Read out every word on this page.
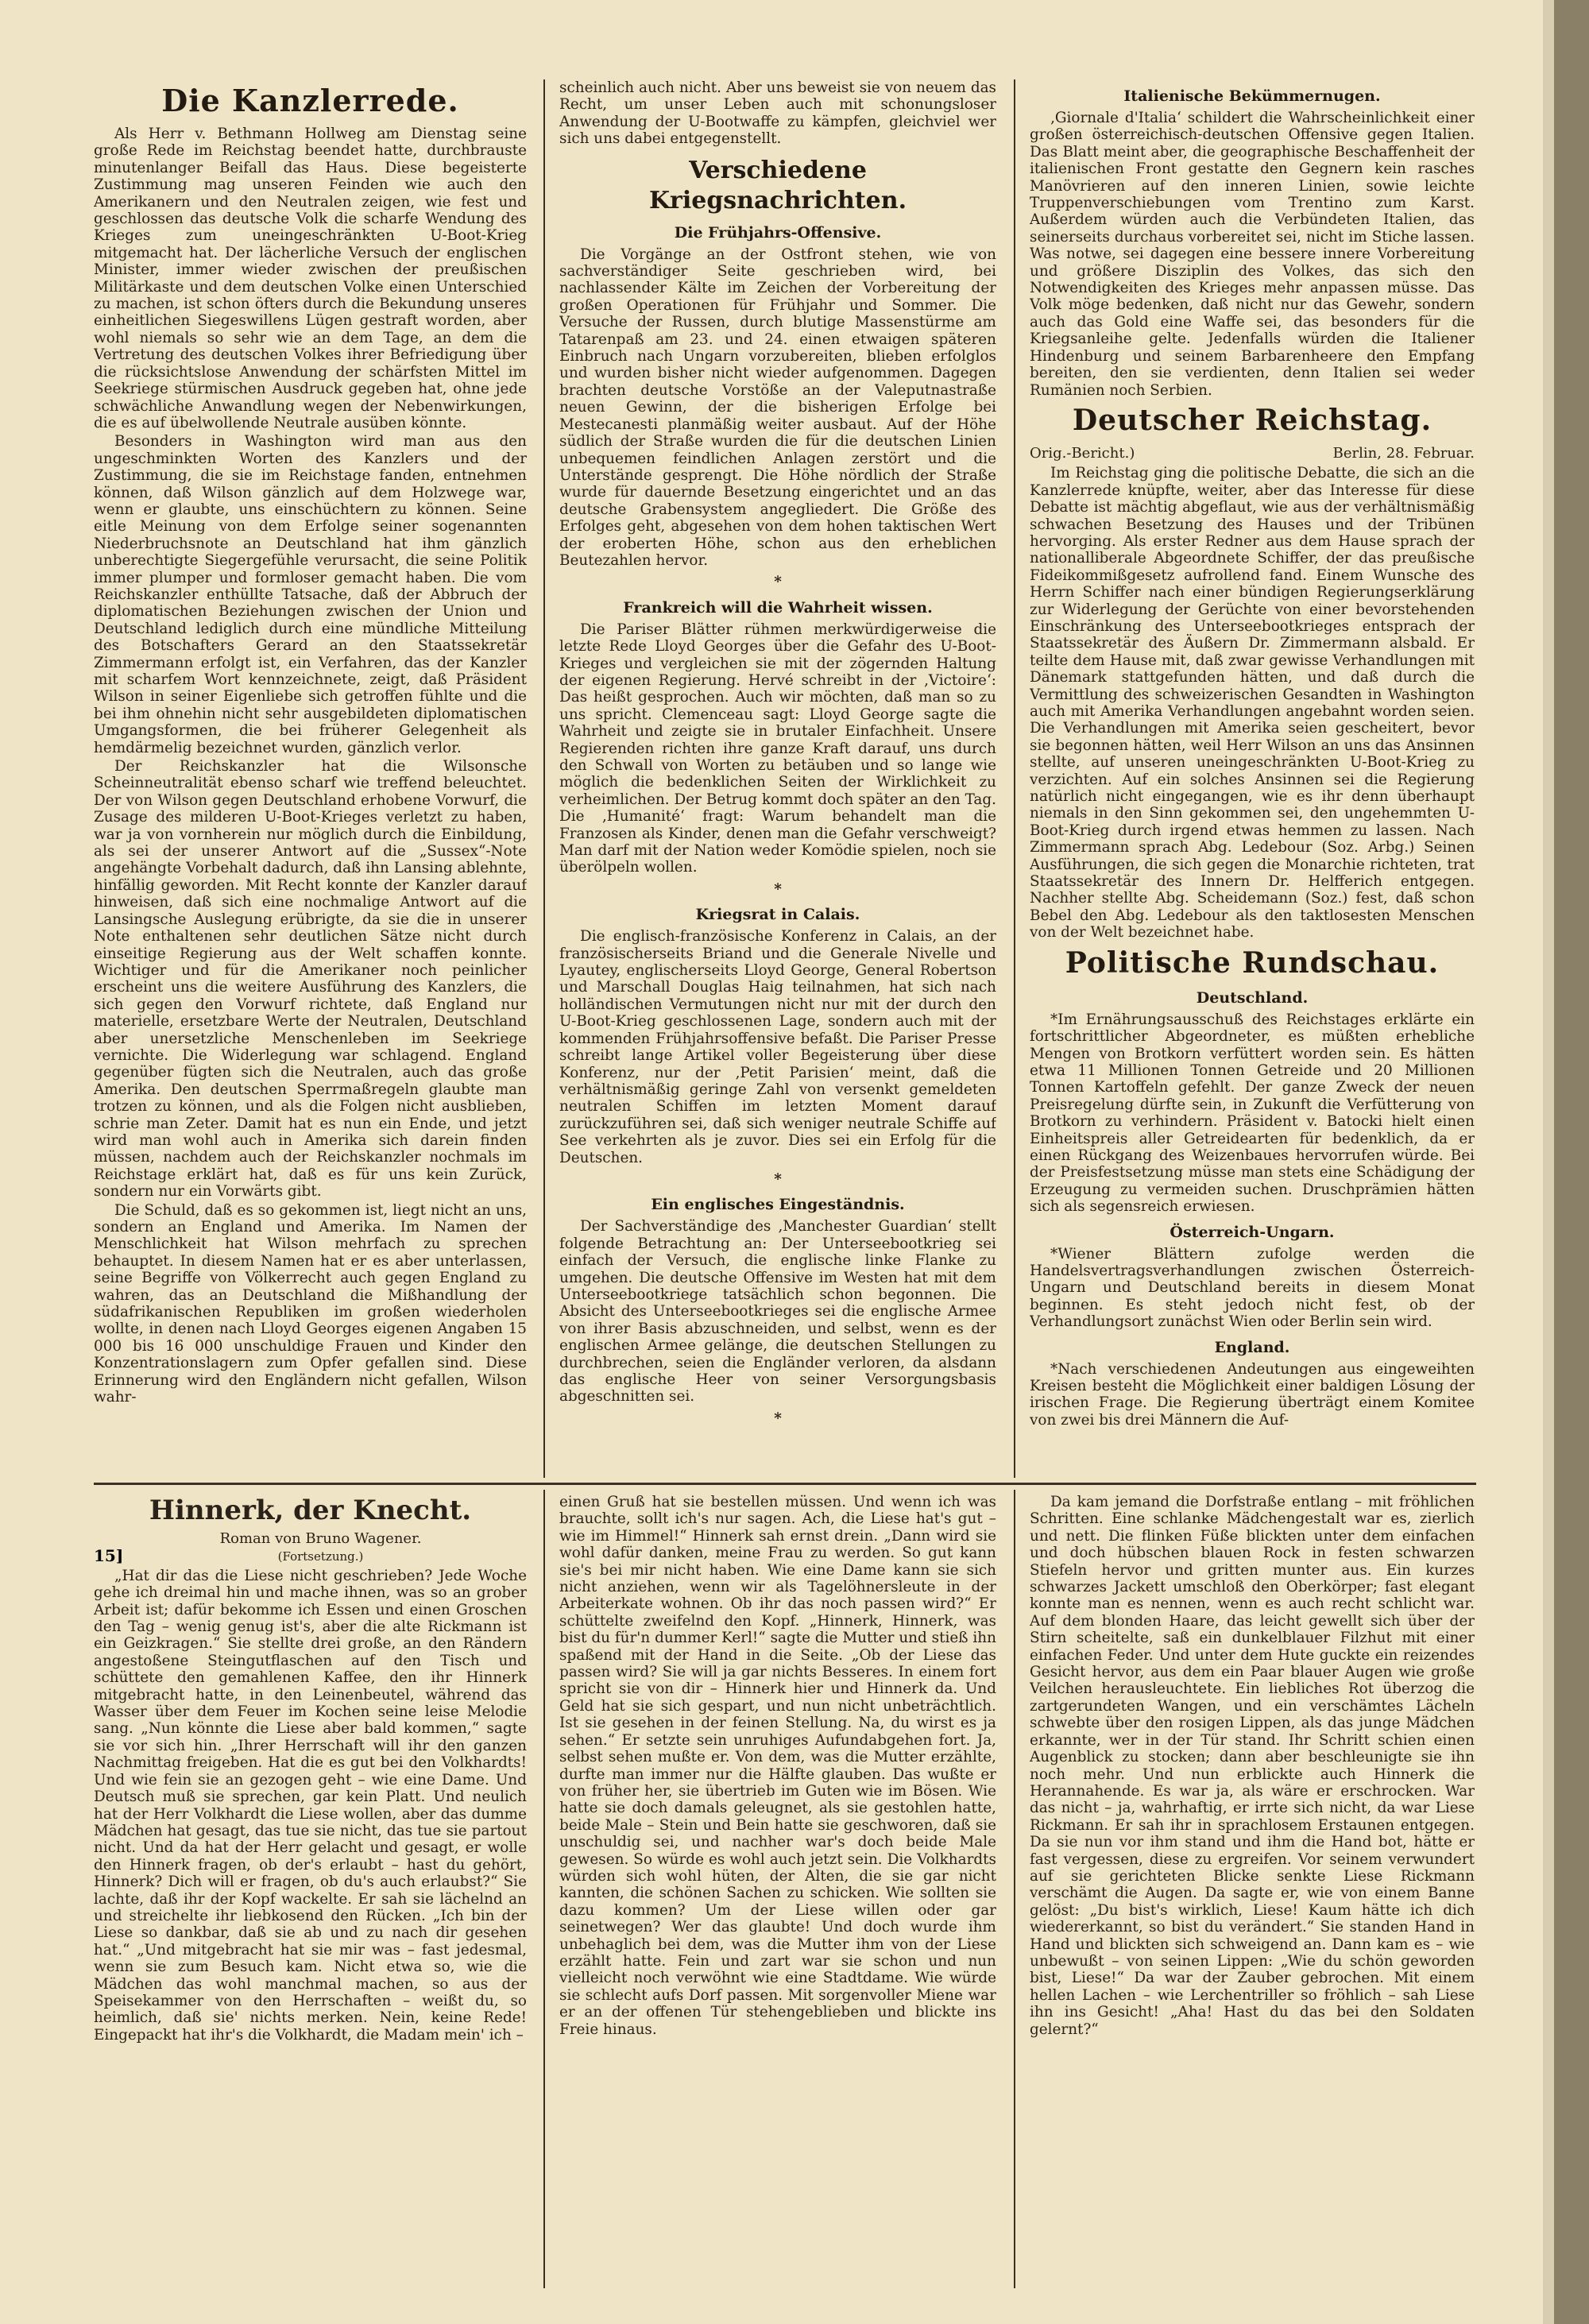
Die Kanzlerrede.

Als Herr v. Bethmann Hollweg am Dienstag seine große Rede im Reichstag beendet hatte, durchbrauste minutenlanger Beifall das Haus. Diese begeisterte Zustimmung mag unseren Feinden wie auch den Amerikanern und den Neutralen zeigen, wie fest und geschlossen das deutsche Volk die scharfe Wendung des Krieges zum uneingeschränkten U-Boot-Krieg mitgemacht hat. Der lächerliche Versuch der englischen Minister, immer wieder zwischen der preußischen Militärkaste und dem deutschen Volke einen Unterschied zu machen, ist schon öfters durch die Bekundung unseres einheitlichen Siegeswillens Lügen gestraft worden, aber wohl niemals so sehr wie an dem Tage, an dem die Vertretung des deutschen Volkes ihrer Befriedigung über die rücksichtslose Anwendung der schärfsten Mittel im Seekriege stürmischen Ausdruck gegeben hat, ohne jede schwächliche Anwandlung wegen der Nebenwirkungen, die es auf übelwollende Neutrale ausüben könnte.

Besonders in Washington wird man aus den ungeschminkten Worten des Kanzlers und der Zustimmung, die sie im Reichstage fanden, entnehmen können, daß Wilson gänzlich auf dem Holzwege war, wenn er glaubte, uns einschüchtern zu können. Seine eitle Meinung von dem Erfolge seiner sogenannten Niederbruchsnote an Deutschland hat ihm gänzlich unberechtigte Siegergefühle verursacht, die seine Politik immer plumper und formloser gemacht haben. Die vom Reichskanzler enthüllte Tatsache, daß der Abbruch der diplomatischen Beziehungen zwischen der Union und Deutschland lediglich durch eine mündliche Mitteilung des Botschafters Gerard an den Staatssekretär Zimmermann erfolgt ist, ein Verfahren, das der Kanzler mit scharfem Wort kennzeichnete, zeigt, daß Präsident Wilson in seiner Eigenliebe sich getroffen fühlte und die bei ihm ohnehin nicht sehr ausgebildeten diplomatischen Umgangsformen, die bei früherer Gelegenheit als hemdärmelig bezeichnet wurden, gänzlich verlor.

Der Reichskanzler hat die Wilsonsche Scheinneutralität ebenso scharf wie treffend beleuchtet. Der von Wilson gegen Deutschland erhobene Vorwurf, die Zusage des milderen U-Boot-Krieges verletzt zu haben, war ja von vornherein nur möglich durch die Einbildung, als sei der unserer Antwort auf die „Sussex“-Note angehängte Vorbehalt dadurch, daß ihn Lansing ablehnte, hinfällig geworden. Mit Recht konnte der Kanzler darauf hinweisen, daß sich eine nochmalige Antwort auf die Lansingsche Auslegung erübrigte, da sie die in unserer Note enthaltenen sehr deutlichen Sätze nicht durch einseitige Regierung aus der Welt schaffen konnte. Wichtiger und für die Amerikaner noch peinlicher erscheint uns die weitere Ausführung des Kanzlers, die sich gegen den Vorwurf richtete, daß England nur materielle, ersetzbare Werte der Neutralen, Deutschland aber unersetzliche Menschenleben im Seekriege vernichte. Die Widerlegung war schlagend. England gegenüber fügten sich die Neutralen, auch das große Amerika. Den deutschen Sperrmaßregeln glaubte man trotzen zu können, und als die Folgen nicht ausblieben, schrie man Zeter. Damit hat es nun ein Ende, und jetzt wird man wohl auch in Amerika sich darein finden müssen, nachdem auch der Reichskanzler nochmals im Reichstage erklärt hat, daß es für uns kein Zurück, sondern nur ein Vorwärts gibt.

Die Schuld, daß es so gekommen ist, liegt nicht an uns, sondern an England und Amerika. Im Namen der Menschlichkeit hat Wilson mehrfach zu sprechen behauptet. In diesem Namen hat er es aber unterlassen, seine Begriffe von Völkerrecht auch gegen England zu wahren, das an Deutschland die Mißhandlung der südafrikanischen Republiken im großen wiederholen wollte, in denen nach Lloyd Georges eigenen Angaben 15 000 bis 16 000 unschuldige Frauen und Kinder den Konzentrationslagern zum Opfer gefallen sind. Diese Erinnerung wird den Engländern nicht gefallen, Wilson wahr-

scheinlich auch nicht. Aber uns beweist sie von neuem das Recht, um unser Leben auch mit schonungsloser Anwendung der U-Bootwaffe zu kämpfen, gleichviel wer sich uns dabei entgegenstellt.

Verschiedene Kriegsnachrichten.
Die Frühjahrs-Offensive.

Die Vorgänge an der Ostfront stehen, wie von sachverständiger Seite geschrieben wird, bei nachlassender Kälte im Zeichen der Vorbereitung der großen Operationen für Frühjahr und Sommer. Die Versuche der Russen, durch blutige Massenstürme am Tatarenpaß am 23. und 24. einen etwaigen späteren Einbruch nach Ungarn vorzubereiten, blieben erfolglos und wurden bisher nicht wieder aufgenommen. Dagegen brachten deutsche Vorstöße an der Valeputnastraße neuen Gewinn, der die bisherigen Erfolge bei Mestecanesti planmäßig weiter ausbaut. Auf der Höhe südlich der Straße wurden die für die deutschen Linien unbequemen feindlichen Anlagen zerstört und die Unterstände gesprengt. Die Höhe nördlich der Straße wurde für dauernde Besetzung eingerichtet und an das deutsche Grabensystem angegliedert. Die Größe des Erfolges geht, abgesehen von dem hohen taktischen Wert der eroberten Höhe, schon aus den erheblichen Beutezahlen hervor.

*
Frankreich will die Wahrheit wissen.

Die Pariser Blätter rühmen merkwürdigerweise die letzte Rede Lloyd Georges über die Gefahr des U-Boot-Krieges und vergleichen sie mit der zögernden Haltung der eigenen Regierung. Hervé schreibt in der ‚Victoire‘: Das heißt gesprochen. Auch wir möchten, daß man so zu uns spricht. Clemenceau sagt: Lloyd George sagte die Wahrheit und zeigte sie in brutaler Einfachheit. Unsere Regierenden richten ihre ganze Kraft darauf, uns durch den Schwall von Worten zu betäuben und so lange wie möglich die bedenklichen Seiten der Wirklichkeit zu verheimlichen. Der Betrug kommt doch später an den Tag. Die ‚Humanité‘ fragt: Warum behandelt man die Franzosen als Kinder, denen man die Gefahr verschweigt? Man darf mit der Nation weder Komödie spielen, noch sie überölpeln wollen.

*
Kriegsrat in Calais.

Die englisch-französische Konferenz in Calais, an der französischerseits Briand und die Generale Nivelle und Lyautey, englischerseits Lloyd George, General Robertson und Marschall Douglas Haig teilnahmen, hat sich nach holländischen Vermutungen nicht nur mit der durch den U-Boot-Krieg geschlossenen Lage, sondern auch mit der kommenden Frühjahrsoffensive befaßt. Die Pariser Presse schreibt lange Artikel voller Begeisterung über diese Konferenz, nur der ‚Petit Parisien‘ meint, daß die verhältnismäßig geringe Zahl von versenkt gemeldeten neutralen Schiffen im letzten Moment darauf zurückzuführen sei, daß sich weniger neutrale Schiffe auf See verkehrten als je zuvor. Dies sei ein Erfolg für die Deutschen.

*
Ein englisches Eingeständnis.

Der Sachverständige des ‚Manchester Guardian‘ stellt folgende Betrachtung an: Der Unterseebootkrieg sei einfach der Versuch, die englische linke Flanke zu umgehen. Die deutsche Offensive im Westen hat mit dem Unterseebootkriege tatsächlich schon begonnen. Die Absicht des Unterseebootkrieges sei die englische Armee von ihrer Basis abzuschneiden, und selbst, wenn es der englischen Armee gelänge, die deutschen Stellungen zu durchbrechen, seien die Engländer verloren, da alsdann das englische Heer von seiner Versorgungsbasis abgeschnitten sei.

*
Italienische Bekümmernugen.

‚Giornale d'Italia‘ schildert die Wahrscheinlichkeit einer großen österreichisch-deutschen Offensive gegen Italien. Das Blatt meint aber, die geographische Beschaffenheit der italienischen Front gestatte den Gegnern kein rasches Manövrieren auf den inneren Linien, sowie leichte Truppenverschiebungen vom Trentino zum Karst. Außerdem würden auch die Verbündeten Italien, das seinerseits durchaus vorbereitet sei, nicht im Stiche lassen. Was notwe, sei dagegen eine bessere innere Vorbereitung und größere Disziplin des Volkes, das sich den Notwendigkeiten des Krieges mehr anpassen müsse. Das Volk möge bedenken, daß nicht nur das Gewehr, sondern auch das Gold eine Waffe sei, das besonders für die Kriegsanleihe gelte. Jedenfalls würden die Italiener Hindenburg und seinem Barbarenheere den Empfang bereiten, den sie verdienten, denn Italien sei weder Rumänien noch Serbien.

Deutscher Reichstag.
Orig.-Bericht.)	Berlin, 28. Februar.

Im Reichstag ging die politische Debatte, die sich an die Kanzlerrede knüpfte, weiter, aber das Interesse für diese Debatte ist mächtig abgeflaut, wie aus der verhältnismäßig schwachen Besetzung des Hauses und der Tribünen hervorging. Als erster Redner aus dem Hause sprach der nationalliberale Abgeordnete Schiffer, der das preußische Fideikommißgesetz aufrollend fand. Einem Wunsche des Herrn Schiffer nach einer bündigen Regierungserklärung zur Widerlegung der Gerüchte von einer bevorstehenden Einschränkung des Unterseebootkrieges entsprach der Staatssekretär des Äußern Dr. Zimmermann alsbald. Er teilte dem Hause mit, daß zwar gewisse Verhandlungen mit Dänemark stattgefunden hätten, und daß durch die Vermittlung des schweizerischen Gesandten in Washington auch mit Amerika Verhandlungen angebahnt worden seien. Die Verhandlungen mit Amerika seien gescheitert, bevor sie begonnen hätten, weil Herr Wilson an uns das Ansinnen stellte, auf unseren uneingeschränkten U-Boot-Krieg zu verzichten. Auf ein solches Ansinnen sei die Regierung natürlich nicht eingegangen, wie es ihr denn überhaupt niemals in den Sinn gekommen sei, den ungehemmten U-Boot-Krieg durch irgend etwas hemmen zu lassen. Nach Zimmermann sprach Abg. Ledebour (Soz. Arbg.) Seinen Ausführungen, die sich gegen die Monarchie richteten, trat Staatssekretär des Innern Dr. Helfferich entgegen. Nachher stellte Abg. Scheidemann (Soz.) fest, daß schon Bebel den Abg. Ledebour als den taktlosesten Menschen von der Welt bezeichnet habe.

Politische Rundschau.
Deutschland.

*Im Ernährungsausschuß des Reichstages erklärte ein fortschrittlicher Abgeordneter, es müßten erhebliche Mengen von Brotkorn verfüttert worden sein. Es hätten etwa 11 Millionen Tonnen Getreide und 20 Millionen Tonnen Kartoffeln gefehlt. Der ganze Zweck der neuen Preisregelung dürfte sein, in Zukunft die Verfütterung von Brotkorn zu verhindern. Präsident v. Batocki hielt einen Einheitspreis aller Getreidearten für bedenklich, da er einen Rückgang des Weizenbaues hervorrufen würde. Bei der Preisfestsetzung müsse man stets eine Schädigung der Erzeugung zu vermeiden suchen. Druschprämien hätten sich als segensreich erwiesen.

Österreich-Ungarn.

*Wiener Blättern zufolge werden die Handelsvertragsverhandlungen zwischen Österreich-Ungarn und Deutschland bereits in diesem Monat beginnen. Es steht jedoch nicht fest, ob der Verhandlungsort zunächst Wien oder Berlin sein wird.

England.

*Nach verschiedenen Andeutungen aus eingeweihten Kreisen besteht die Möglichkeit einer baldigen Lösung der irischen Frage. Die Regierung überträgt einem Komitee von zwei bis drei Männern die Auf-

15]
Hinnerk, der Knecht.

Roman von Bruno Wagener.

(Fortsetzung.)

„Hat dir das die Liese nicht geschrieben? Jede Woche gehe ich dreimal hin und mache ihnen, was so an grober Arbeit ist; dafür bekomme ich Essen und einen Groschen den Tag – wenig genug ist's, aber die alte Rickmann ist ein Geizkragen.“ Sie stellte drei große, an den Rändern angestoßene Steingutflaschen auf den Tisch und schüttete den gemahlenen Kaffee, den ihr Hinnerk mitgebracht hatte, in den Leinenbeutel, während das Wasser über dem Feuer im Kochen seine leise Melodie sang. „Nun könnte die Liese aber bald kommen,“ sagte sie vor sich hin. „Ihrer Herrschaft will ihr den ganzen Nachmittag freigeben. Hat die es gut bei den Volkhardts! Und wie fein sie an gezogen geht – wie eine Dame. Und Deutsch muß sie sprechen, gar kein Platt. Und neulich hat der Herr Volkhardt die Liese wollen, aber das dumme Mädchen hat gesagt, das tue sie nicht, das tue sie partout nicht. Und da hat der Herr gelacht und gesagt, er wolle den Hinnerk fragen, ob der's erlaubt – hast du gehört, Hinnerk? Dich will er fragen, ob du's auch erlaubst?“ Sie lachte, daß ihr der Kopf wackelte. Er sah sie lächelnd an und streichelte ihr liebkosend den Rücken. „Ich bin der Liese so dankbar, daß sie ab und zu nach dir gesehen hat.“ „Und mitgebracht hat sie mir was – fast jedesmal, wenn sie zum Besuch kam. Nicht etwa so, wie die Mädchen das wohl manchmal machen, so aus der Speisekammer von den Herrschaften – weißt du, so heimlich, daß sie' nichts merken. Nein, keine Rede! Eingepackt hat ihr's die Volkhardt, die Madam mein' ich –

einen Gruß hat sie bestellen müssen. Und wenn ich was brauchte, sollt ich's nur sagen. Ach, die Liese hat's gut – wie im Himmel!“ Hinnerk sah ernst drein. „Dann wird sie wohl dafür danken, meine Frau zu werden. So gut kann sie's bei mir nicht haben. Wie eine Dame kann sie sich nicht anziehen, wenn wir als Tagelöhnersleute in der Arbeiterkate wohnen. Ob ihr das noch passen wird?“ Er schüttelte zweifelnd den Kopf. „Hinnerk, Hinnerk, was bist du für'n dummer Kerl!“ sagte die Mutter und stieß ihn spaßend mit der Hand in die Seite. „Ob der Liese das passen wird? Sie will ja gar nichts Besseres. In einem fort spricht sie von dir – Hinnerk hier und Hinnerk da. Und Geld hat sie sich gespart, und nun nicht unbeträchtlich. Ist sie gesehen in der feinen Stellung. Na, du wirst es ja sehen.“ Er setzte sein unruhiges Aufundabgehen fort. Ja, selbst sehen mußte er. Von dem, was die Mutter erzählte, durfte man immer nur die Hälfte glauben. Das wußte er von früher her, sie übertrieb im Guten wie im Bösen. Wie hatte sie doch damals geleugnet, als sie gestohlen hatte, beide Male – Stein und Bein hatte sie geschworen, daß sie unschuldig sei, und nachher war's doch beide Male gewesen. So würde es wohl auch jetzt sein. Die Volkhardts würden sich wohl hüten, der Alten, die sie gar nicht kannten, die schönen Sachen zu schicken. Wie sollten sie dazu kommen? Um der Liese willen oder gar seinetwegen? Wer das glaubte! Und doch wurde ihm unbehaglich bei dem, was die Mutter ihm von der Liese erzählt hatte. Fein und zart war sie schon und nun vielleicht noch verwöhnt wie eine Stadtdame. Wie würde sie schlecht aufs Dorf passen. Mit sorgenvoller Miene war er an der offenen Tür stehengeblieben und blickte ins Freie hinaus.

Da kam jemand die Dorfstraße entlang – mit fröhlichen Schritten. Eine schlanke Mädchengestalt war es, zierlich und nett. Die flinken Füße blickten unter dem einfachen und doch hübschen blauen Rock in festen schwarzen Stiefeln hervor und gritten munter aus. Ein kurzes schwarzes Jackett umschloß den Oberkörper; fast elegant konnte man es nennen, wenn es auch recht schlicht war. Auf dem blonden Haare, das leicht gewellt sich über der Stirn scheitelte, saß ein dunkelblauer Filzhut mit einer einfachen Feder. Und unter dem Hute guckte ein reizendes Gesicht hervor, aus dem ein Paar blauer Augen wie große Veilchen herausleuchtete. Ein liebliches Rot überzog die zartgerundeten Wangen, und ein verschämtes Lächeln schwebte über den rosigen Lippen, als das junge Mädchen erkannte, wer in der Tür stand. Ihr Schritt schien einen Augenblick zu stocken; dann aber beschleunigte sie ihn noch mehr. Und nun erblickte auch Hinnerk die Herannahende. Es war ja, als wäre er erschrocken. War das nicht – ja, wahrhaftig, er irrte sich nicht, da war Liese Rickmann. Er sah ihr in sprachlosem Erstaunen entgegen. Da sie nun vor ihm stand und ihm die Hand bot, hätte er fast vergessen, diese zu ergreifen. Vor seinem verwundert auf sie gerichteten Blicke senkte Liese Rickmann verschämt die Augen. Da sagte er, wie von einem Banne gelöst: „Du bist's wirklich, Liese! Kaum hätte ich dich wiedererkannt, so bist du verändert.“ Sie standen Hand in Hand und blickten sich schweigend an. Dann kam es – wie unbewußt – von seinen Lippen: „Wie du schön geworden bist, Liese!“ Da war der Zauber gebrochen. Mit einem hellen Lachen – wie Lerchentriller so fröhlich – sah Liese ihn ins Gesicht! „Aha! Hast du das bei den Soldaten gelernt?“
